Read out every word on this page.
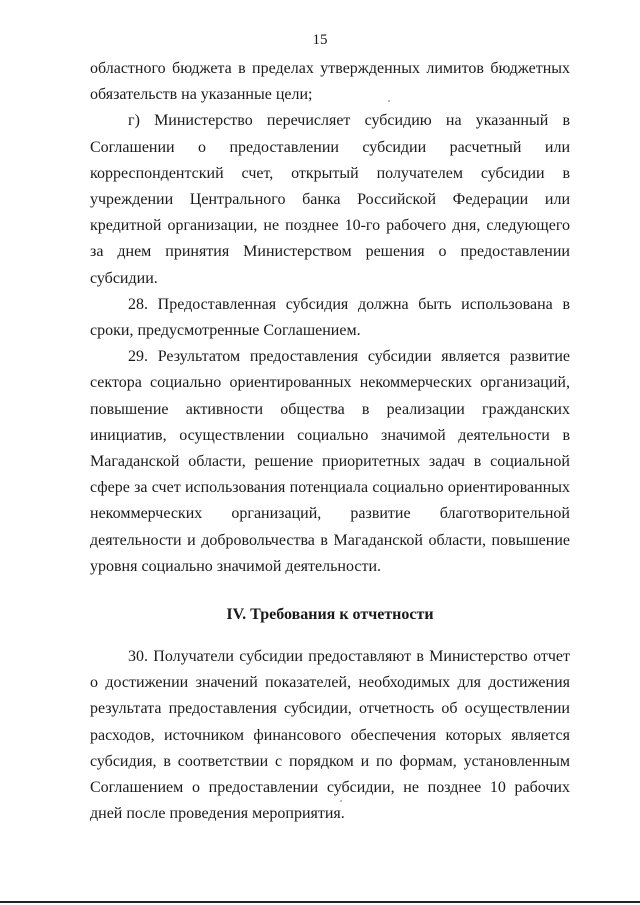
15

областного бюджета в пределах утвержденных лимитов бюджетных обязательств на указанные цели;

г) Министерство перечисляет субсидию на указанный в Соглашении о предоставлении субсидии расчетный или корреспондентский счет, открытый получателем субсидии в учреждении Центрального банка Российской Федерации или кредитной организации, не позднее 10-го рабочего дня, следующего за днем принятия Министерством решения о предоставлении субсидии.

28. Предоставленная субсидия должна быть использована в сроки, предусмотренные Соглашением.

29. Результатом предоставления субсидии является развитие сектора социально ориентированных некоммерческих организаций, повышение активности общества в реализации гражданских инициатив, осуществлении социально значимой деятельности в Магаданской области, решение приоритетных задач в социальной сфере за счет использования потенциала социально ориентированных некоммерческих организаций, развитие благотворительной деятельности и добровольчества в Магаданской области, повышение уровня социально значимой деятельности.

IV. Требования к отчетности

30. Получатели субсидии предоставляют в Министерство отчет о достижении значений показателей, необходимых для достижения результата предоставления субсидии, отчетность об осуществлении расходов, источником финансового обеспечения которых является субсидия, в соответствии с порядком и по формам, установленным Соглашением о предоставлении субсидии, не позднее 10 рабочих дней после проведения мероприятия.
